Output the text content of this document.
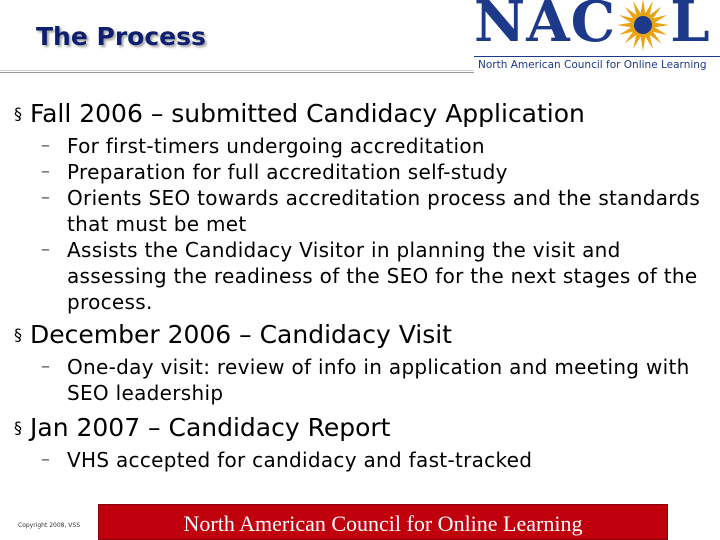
The Process	NAC L
North American Council for Online Learning
§ Fall 2006 – submitted Candidacy Application
– For first-timers undergoing accreditation
– Preparation for full accreditation self-study
– Orients SEO towards accreditation process and the standards that must be met
– Assists the Candidacy Visitor in planning the visit and assessing the readiness of the SEO for the next stages of the process.
§ December 2006 – Candidacy Visit
– One-day visit: review of info in application and meeting with SEO leadership
§ Jan 2007 – Candidacy Report
– VHS accepted for candidacy and fast-tracked
Copyright 2008, VSS	North American Council for Online Learning
